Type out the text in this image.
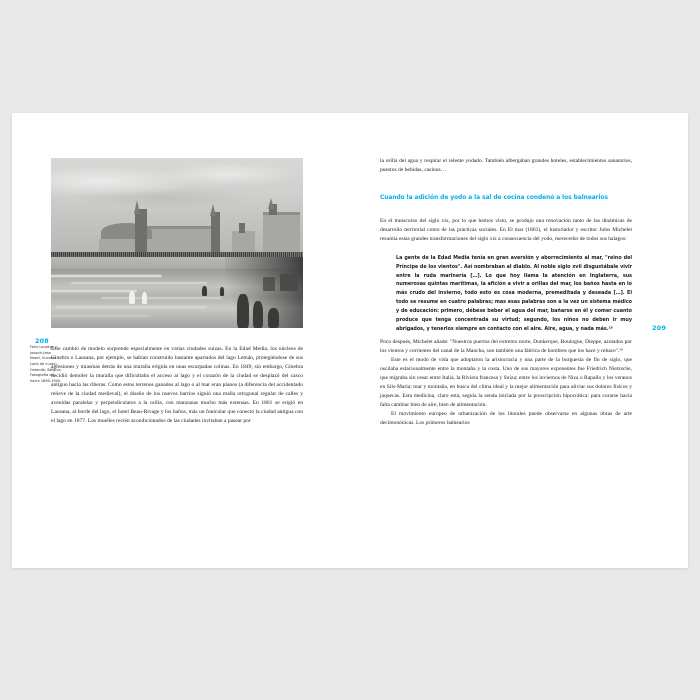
208
Felix Laureys y Joseph-Jean Naert, Kursaal (sala de curas), Ostende, Bélgica. Fotografía de hacia 1890-1900.

Este cambio de modelo sorprende especialmente en varias ciudades suizas. En la Edad Media, los núcleos de Ginebra o Lausana, por ejemplo, se habían construido bastante apartados del lago Lemán, protegiéndose de sus agresiones y miasmas detrás de una muralla erigida en unas escarpadas colinas. En 1849, sin embargo, Ginebra decidió demoler la muralla que dificultaba el acceso al lago y el corazón de la ciudad se desplazó del casco antiguo hacia las riberas. Como estos terrenos ganados al lago o al mar eran planos (a diferencia del accidentado relieve de la ciudad medieval), el diseño de los nuevos barrios siguió una malla ortogonal regular de calles y avenidas paralelas y perpendiculares a la orilla, con manzanas mucho más extensas. En 1861 se erigió en Lausana, al borde del lago, el hotel Beau-Rivage y los baños, más un funicular que conectó la ciudad antigua con el lago en 1877. Los muelles recién acondicionados de las ciudades invitaban a pasear por

209

la orilla del agua y respirar el relente yodado. También albergaban grandes hoteles, establecimientos sanatorios, puestos de bebidas, casinos…

Cuando la adición de yodo a la sal de cocina condenó a los balnearios

En el transcurso del siglo xix, por lo que hemos visto, se produjo una renovación tanto de las dinámicas de desarrollo territorial como de las prácticas sociales. En El mar (1861), el historiador y escritor Jules Michelet resumía estas grandes transformaciones del siglo xix a consecuencia del yodo, merecedor de todos sus halagos:

La gente de la Edad Media tenía en gran aversión y aborrecimiento al mar, "reino del Príncipe de los vientos". Así nombraban al diablo. Al noble siglo xvii disgustábale vivir entre la ruda marinería […]. Lo que hoy llama la atención en Inglaterra, sus numerosas quintas marítimas, la afición a vivir a orillas del mar, los baños hasta en lo más crudo del invierno, todo esto es cosa moderna, premeditada y deseada […]. El todo se resume en cuatro palabras; mas esas palabras son a la vez un sistema médico y de educación: primero, débese beber el agua del mar, bañarse en él y comer cuanto produce que tenga concentrada su virtud; segundo, los niños no deben ir muy abrigados, y tenerlos siempre en contacto con el aire. Aire, agua, y nada más.¹⁸

Poco después, Michelet añade: "Nuestros puertos del extremo norte, Dunkerque, Boulogne, Dieppe, azotados por los vientos y corrientes del canal de la Mancha, son también una fábrica de hombres que los hace y rehace".¹⁹

Este es el modo de vida que adoptaron la aristocracia y una parte de la burguesía de fin de siglo, que oscilaba estacionalmente entre la montaña y la costa. Uno de sus mayores exponentes fue Friedrich Nietzsche, que migraba sin cesar entre Italia, la Riviera francesa y Suiza; entre los inviernos de Niza o Rapallo y los veranos en Sils-Maria; mar y montaña, en busca del clima ideal y la mejor alimentación para aliviar sus dolores físicos y jaquecas. Esta medicina, claro está, seguía la senda iniciada por la prescripción hipocrática: para curarse hacía falta cambiar bien de aire, bien de alimentación.

El movimiento europeo de urbanización de los litorales puede observarse en algunas obras de arte decimonónicas. Los primeros balnearios
